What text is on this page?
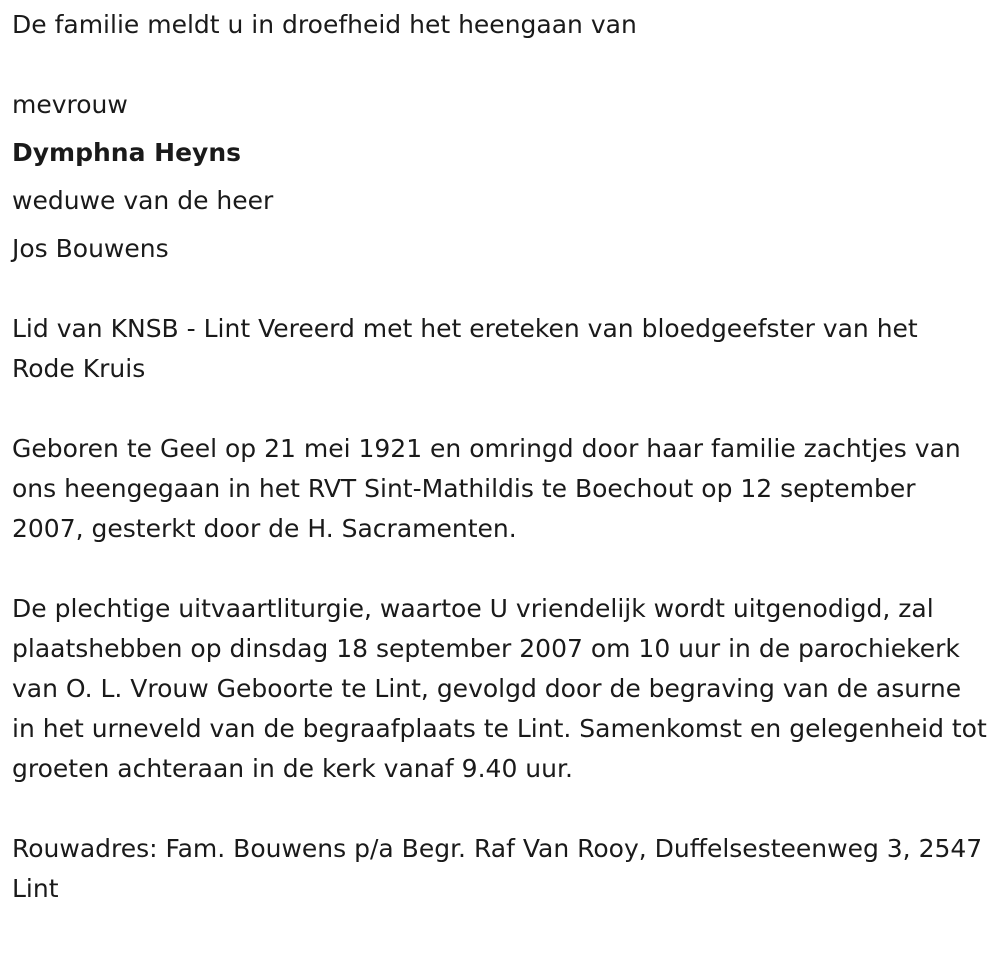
De familie meldt u in droefheid het heengaan van

mevrouw

Dymphna Heyns

weduwe van de heer

Jos Bouwens

Lid van KNSB - Lint Vereerd met het ereteken van bloedgeefster van het Rode Kruis

Geboren te Geel op 21 mei 1921 en omringd door haar familie zachtjes van ons heengegaan in het RVT Sint-Mathildis te Boechout op 12 september 2007, gesterkt door de H. Sacramenten.

De plechtige uitvaartliturgie, waartoe U vriendelijk wordt uitgenodigd, zal plaatshebben op dinsdag 18 september 2007 om 10 uur in de parochiekerk van O. L. Vrouw Geboorte te Lint, gevolgd door de begraving van de asurne in het urneveld van de begraafplaats te Lint. Samenkomst en gelegenheid tot groeten achteraan in de kerk vanaf 9.40 uur.

Rouwadres: Fam. Bouwens p/a Begr. Raf Van Rooy, Duffelsesteenweg 3, 2547 Lint
